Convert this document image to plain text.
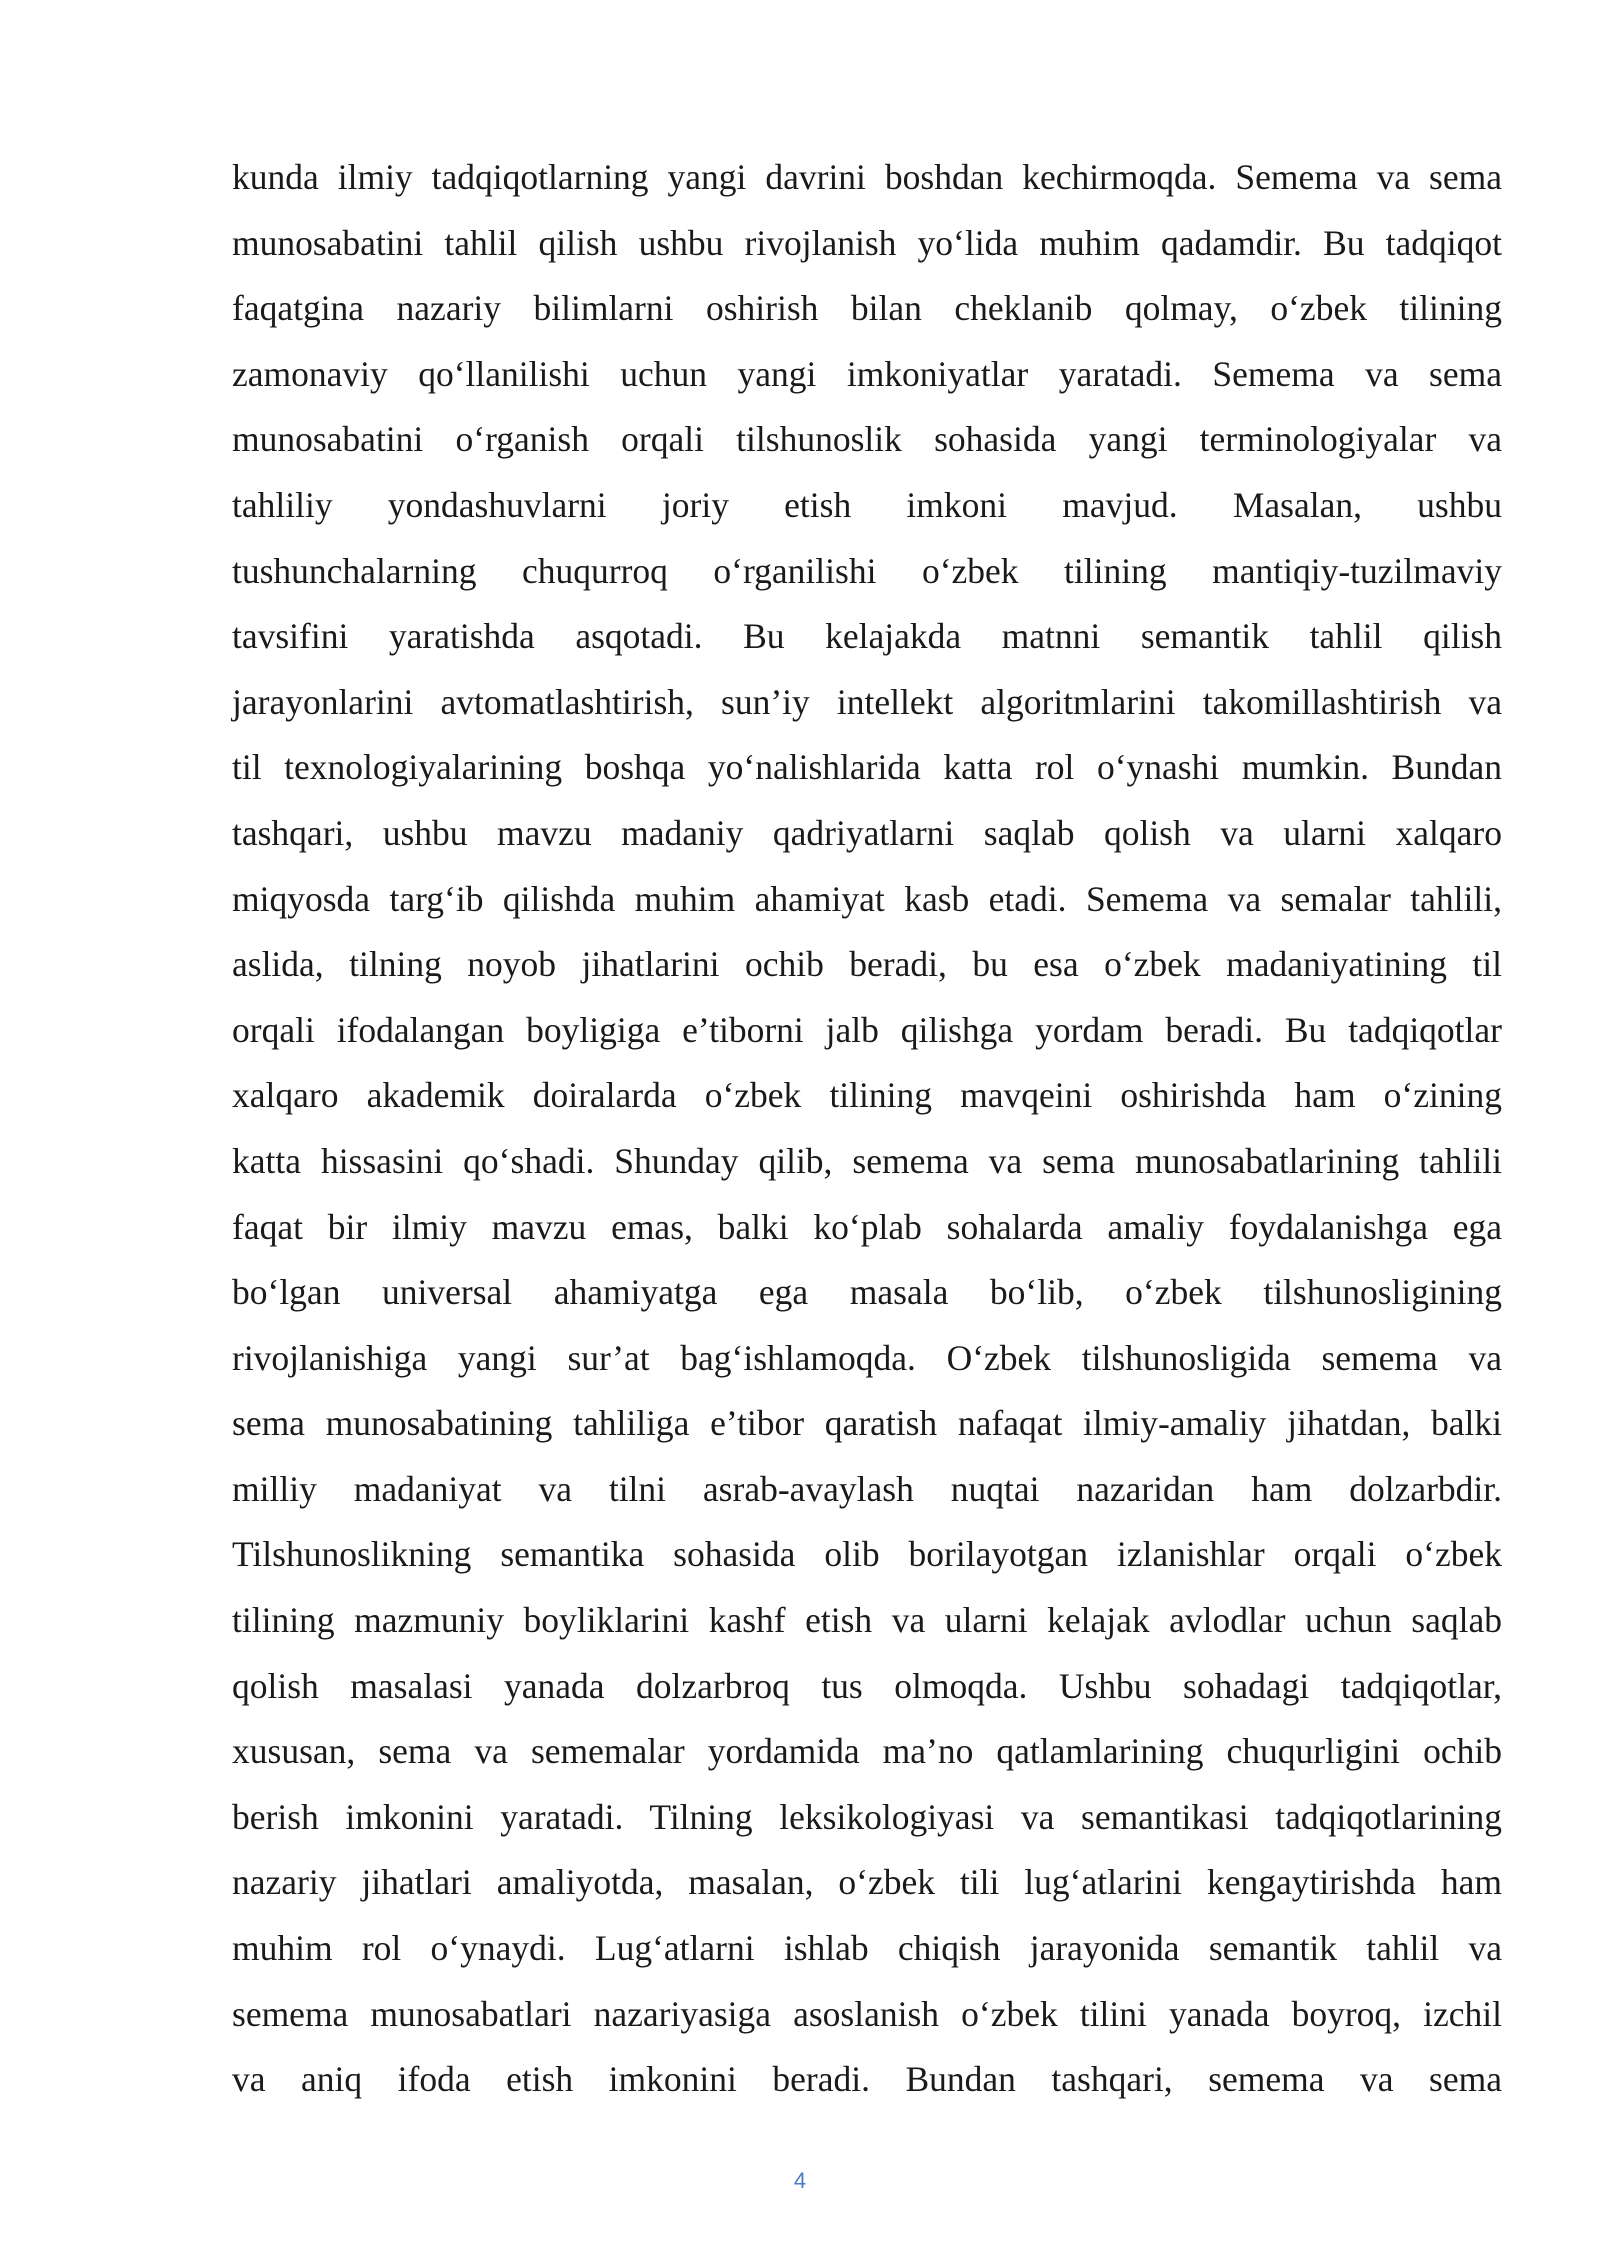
kunda ilmiy tadqiqotlarning yangi davrini boshdan kechirmoqda. Semema va sema
munosabatini tahlil qilish ushbu rivojlanish yo‘lida muhim qadamdir. Bu tadqiqot
faqatgina nazariy bilimlarni oshirish bilan cheklanib qolmay, o‘zbek tilining
zamonaviy qo‘llanilishi uchun yangi imkoniyatlar yaratadi. Semema va sema
munosabatini o‘rganish orqali tilshunoslik sohasida yangi terminologiyalar va
tahliliy yondashuvlarni joriy etish imkoni mavjud. Masalan, ushbu
tushunchalarning chuqurroq o‘rganilishi o‘zbek tilining mantiqiy-tuzilmaviy
tavsifini yaratishda asqotadi. Bu kelajakda matnni semantik tahlil qilish
jarayonlarini avtomatlashtirish, sun’iy intellekt algoritmlarini takomillashtirish va
til texnologiyalarining boshqa yo‘nalishlarida katta rol o‘ynashi mumkin. Bundan
tashqari, ushbu mavzu madaniy qadriyatlarni saqlab qolish va ularni xalqaro
miqyosda targ‘ib qilishda muhim ahamiyat kasb etadi. Semema va semalar tahlili,
aslida, tilning noyob jihatlarini ochib beradi, bu esa o‘zbek madaniyatining til
orqali ifodalangan boyligiga e’tiborni jalb qilishga yordam beradi. Bu tadqiqotlar
xalqaro akademik doiralarda o‘zbek tilining mavqeini oshirishda ham o‘zining
katta hissasini qo‘shadi. Shunday qilib, semema va sema munosabatlarining tahlili
faqat bir ilmiy mavzu emas, balki ko‘plab sohalarda amaliy foydalanishga ega
bo‘lgan universal ahamiyatga ega masala bo‘lib, o‘zbek tilshunosligining
rivojlanishiga yangi sur’at bag‘ishlamoqda. O‘zbek tilshunosligida semema va
sema munosabatining tahliliga e’tibor qaratish nafaqat ilmiy-amaliy jihatdan, balki
milliy madaniyat va tilni asrab-avaylash nuqtai nazaridan ham dolzarbdir.
Tilshunoslikning semantika sohasida olib borilayotgan izlanishlar orqali o‘zbek
tilining mazmuniy boyliklarini kashf etish va ularni kelajak avlodlar uchun saqlab
qolish masalasi yanada dolzarbroq tus olmoqda. Ushbu sohadagi tadqiqotlar,
xususan, sema va sememalar yordamida ma’no qatlamlarining chuqurligini ochib
berish imkonini yaratadi. Tilning leksikologiyasi va semantikasi tadqiqotlarining
nazariy jihatlari amaliyotda, masalan, o‘zbek tili lug‘atlarini kengaytirishda ham
muhim rol o‘ynaydi. Lug‘atlarni ishlab chiqish jarayonida semantik tahlil va
semema munosabatlari nazariyasiga asoslanish o‘zbek tilini yanada boyroq, izchil
va aniq ifoda etish imkonini beradi. Bundan tashqari, semema va sema
4
